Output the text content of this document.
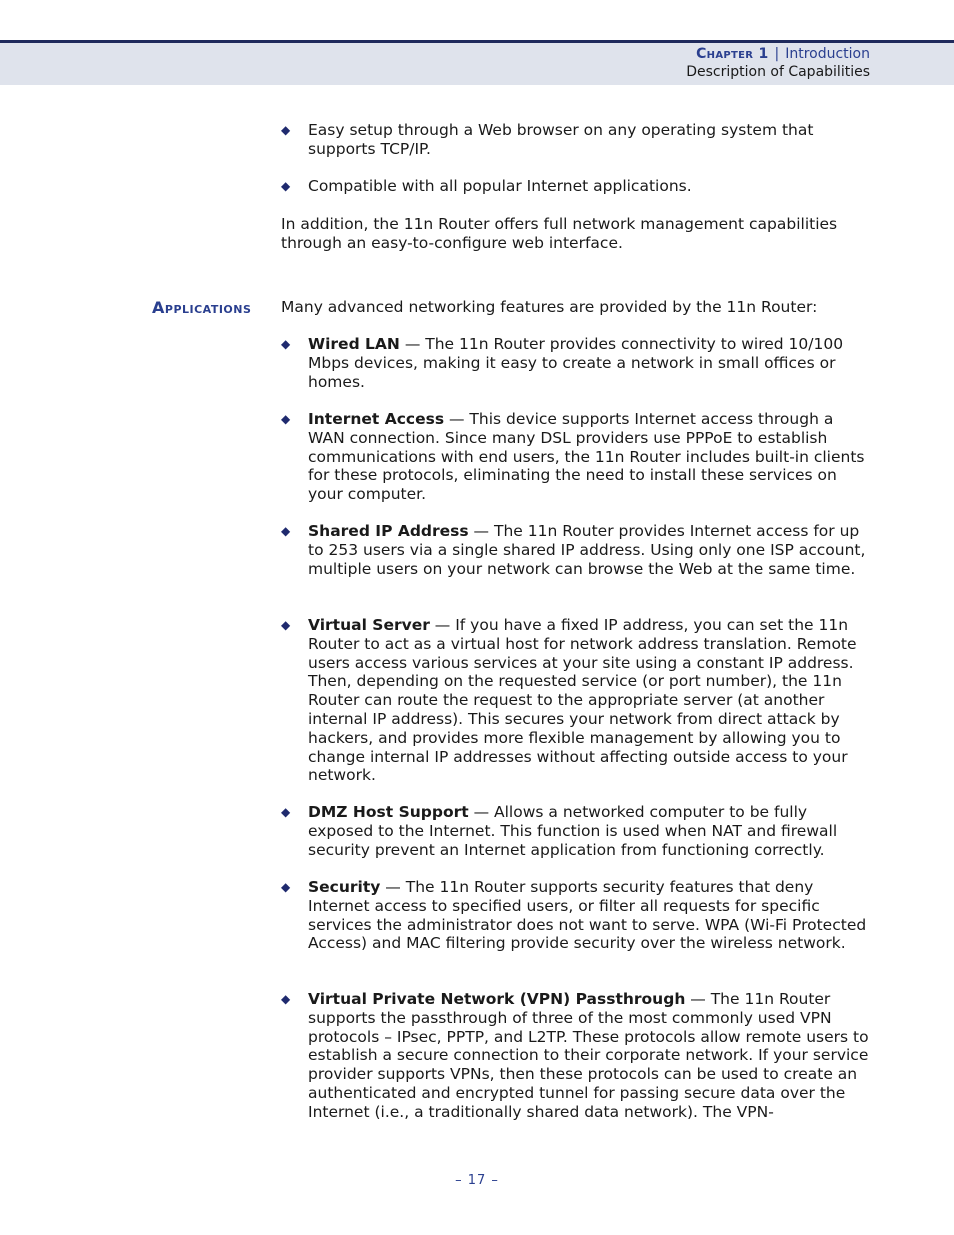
Chapter 1 | Introduction
Description of Capabilities
◆	Easy setup through a Web browser on any operating system that supports TCP/IP.
◆	Compatible with all popular Internet applications.

In addition, the 11n Router offers full network management capabilities through an easy-to-configure web interface.

Applications Many advanced networking features are provided by the 11n Router:

◆	Wired LAN — The 11n Router provides connectivity to wired 10/100 Mbps devices, making it easy to create a network in small offices or homes.
◆	Internet Access — This device supports Internet access through a WAN connection. Since many DSL providers use PPPoE to establish communications with end users, the 11n Router includes built-in clients for these protocols, eliminating the need to install these services on your computer.
◆	Shared IP Address — The 11n Router provides Internet access for up to 253 users via a single shared IP address. Using only one ISP account, multiple users on your network can browse the Web at the same time.
◆	Virtual Server — If you have a fixed IP address, you can set the 11n Router to act as a virtual host for network address translation. Remote users access various services at your site using a constant IP address. Then, depending on the requested service (or port number), the 11n Router can route the request to the appropriate server (at another internal IP address). This secures your network from direct attack by hackers, and provides more flexible management by allowing you to change internal IP addresses without affecting outside access to your network.
◆	DMZ Host Support — Allows a networked computer to be fully exposed to the Internet. This function is used when NAT and firewall security prevent an Internet application from functioning correctly.
◆	Security — The 11n Router supports security features that deny Internet access to specified users, or filter all requests for specific services the administrator does not want to serve. WPA (Wi-Fi Protected Access) and MAC filtering provide security over the wireless network.
◆	Virtual Private Network (VPN) Passthrough — The 11n Router supports the passthrough of three of the most commonly used VPN protocols – IPsec, PPTP, and L2TP. These protocols allow remote users to establish a secure connection to their corporate network. If your service provider supports VPNs, then these protocols can be used to create an authenticated and encrypted tunnel for passing secure data over the Internet (i.e., a traditionally shared data network). The VPN-
– 17 –
